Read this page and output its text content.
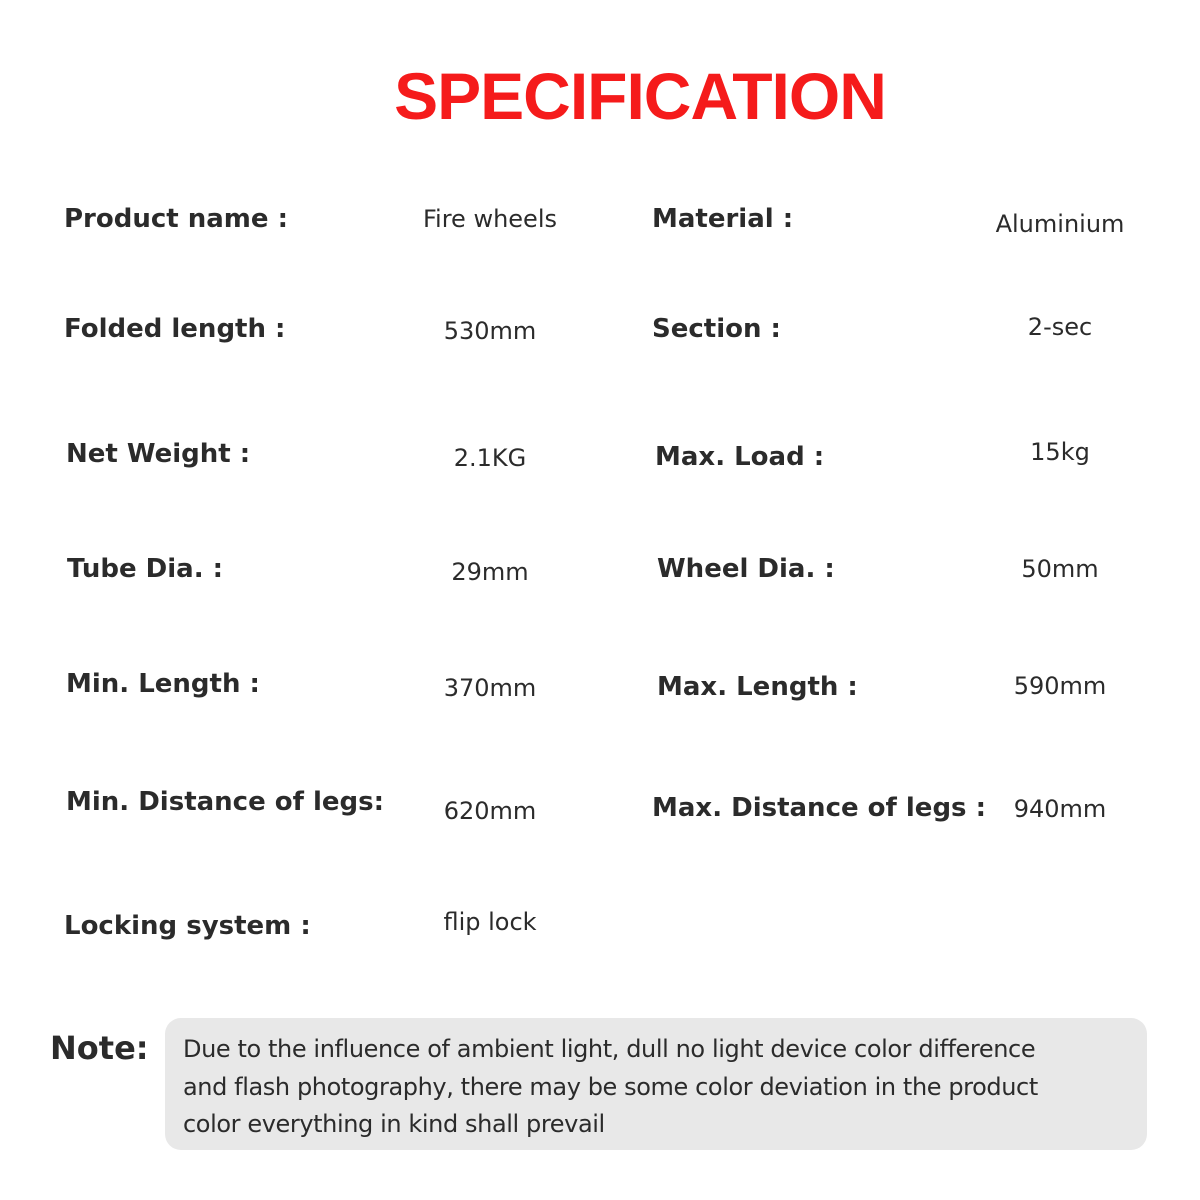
SPECIFICATION
Product name :	Fire wheels	Material :	Aluminium
Folded length :	530mm	Section :	2-sec
Net Weight :	2.1KG	Max. Load :	15kg
Tube Dia. :	29mm	Wheel Dia. :	50mm
Min. Length :	370mm	Max. Length :	590mm
Min. Distance of legs:	620mm	Max. Distance of legs :	940mm
Locking system :	flip lock
Note: Due to the influence of ambient light, dull no light device color difference
and flash photography, there may be some color deviation in the product
color everything in kind shall prevail
